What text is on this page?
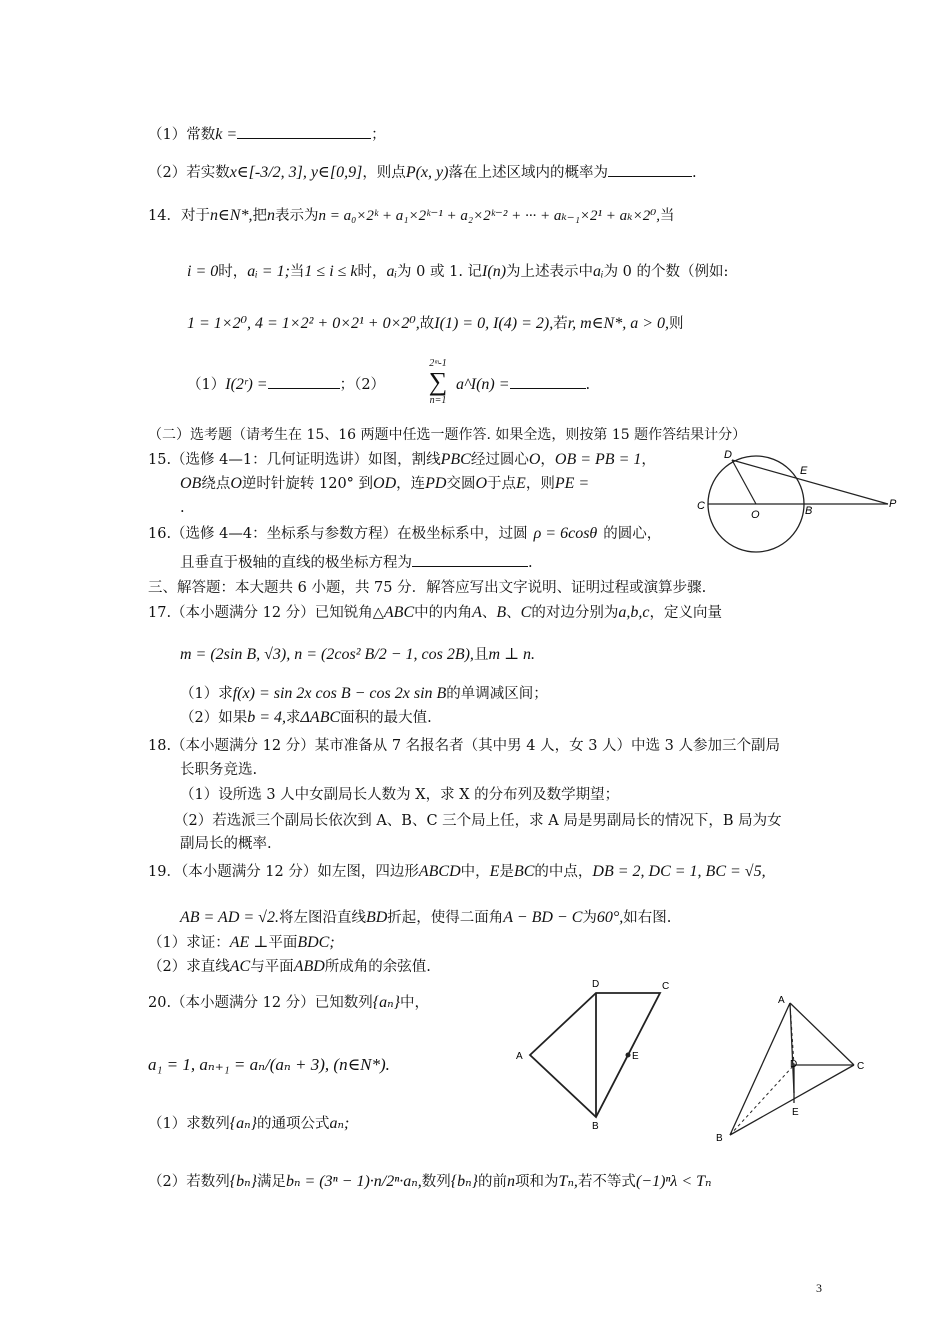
（1）常数k =	；
（2）若实数x∈[-3/2, 3], y∈[0,9]，则点P(x, y)落在上述区域内的概率为	.
14．对于n∈N*,把n表示为n = a₀×2ᵏ + a₁×2ᵏ⁻¹ + a₂×2ᵏ⁻² + ··· + aₖ₋₁×2¹ + aₖ×2⁰,当
i = 0时，aᵢ = 1;当1 ≤ i ≤ k时，aᵢ为 0 或 1. 记I(n)为上述表示中aᵢ为 0 的个数（例如:
1 = 1×2⁰, 4 = 1×2² + 0×2¹ + 0×2⁰,故I(1) = 0, I(4) = 2),若r, m∈N*, a > 0,则
（1）I(2ʳ) =	；（2）
2ᵐ-1
∑
n=1
a^I(n) =	.
（二）选考题（请考生在 15、16 两题中任选一题作答. 如果全选，则按第 15 题作答结果计分）
15.（选修 4—1：几何证明选讲）如图，割线PBC经过圆心O，OB = PB = 1，
OB绕点O逆时针旋转 120° 到OD，连PD交圆O于点E，则PE =
.
D
E
C
O	B
P
16.（选修 4—4：坐标系与参数方程）在极坐标系中，过圆 ρ = 6cosθ 的圆心，
且垂直于极轴的直线的极坐标方程为	.
三、解答题：本大题共 6 小题，共 75 分．解答应写出文字说明、证明过程或演算步骤.
17.（本小题满分 12 分）已知锐角△ABC中的内角A、B、C的对边分别为a,b,c，定义向量
m = (2sin B, √3), n = (2cos² B/2 − 1, cos 2B),且m ⊥ n.
（1）求f(x) = sin 2x cos B − cos 2x sin B的单调减区间；
（2）如果b = 4,求ΔABC面积的最大值.
18.（本小题满分 12 分）某市准备从 7 名报名者（其中男 4 人，女 3 人）中选 3 人参加三个副局
长职务竞选.
（1）设所选 3 人中女副局长人数为 X，求 X 的分布列及数学期望；
（2）若选派三个副局长依次到 A、B、C 三个局上任，求 A 局是男副局长的情况下，B 局为女
副局长的概率.
19．（本小题满分 12 分）如左图，四边形ABCD中，E是BC的中点，DB = 2, DC = 1, BC = √5,
AB = AD = √2.将左图沿直线BD折起，使得二面角A − BD − C为60°,如右图.
（1）求证：AE ⊥平面BDC;
（2）求直线AC与平面ABD所成角的余弦值.
20.（本小题满分 12 分）已知数列{aₙ}中，
a₁ = 1, aₙ₊₁ = aₙ/(aₙ + 3), (n∈N*).
（1）求数列{aₙ}的通项公式aₙ;
（2）若数列{bₙ}满足bₙ = (3ⁿ − 1)·n/2ⁿ·aₙ,数列{bₙ}的前n项和为Tₙ,若不等式(−1)ⁿλ < Tₙ
D	C
A	E
B
A
D	C
E
B
3
